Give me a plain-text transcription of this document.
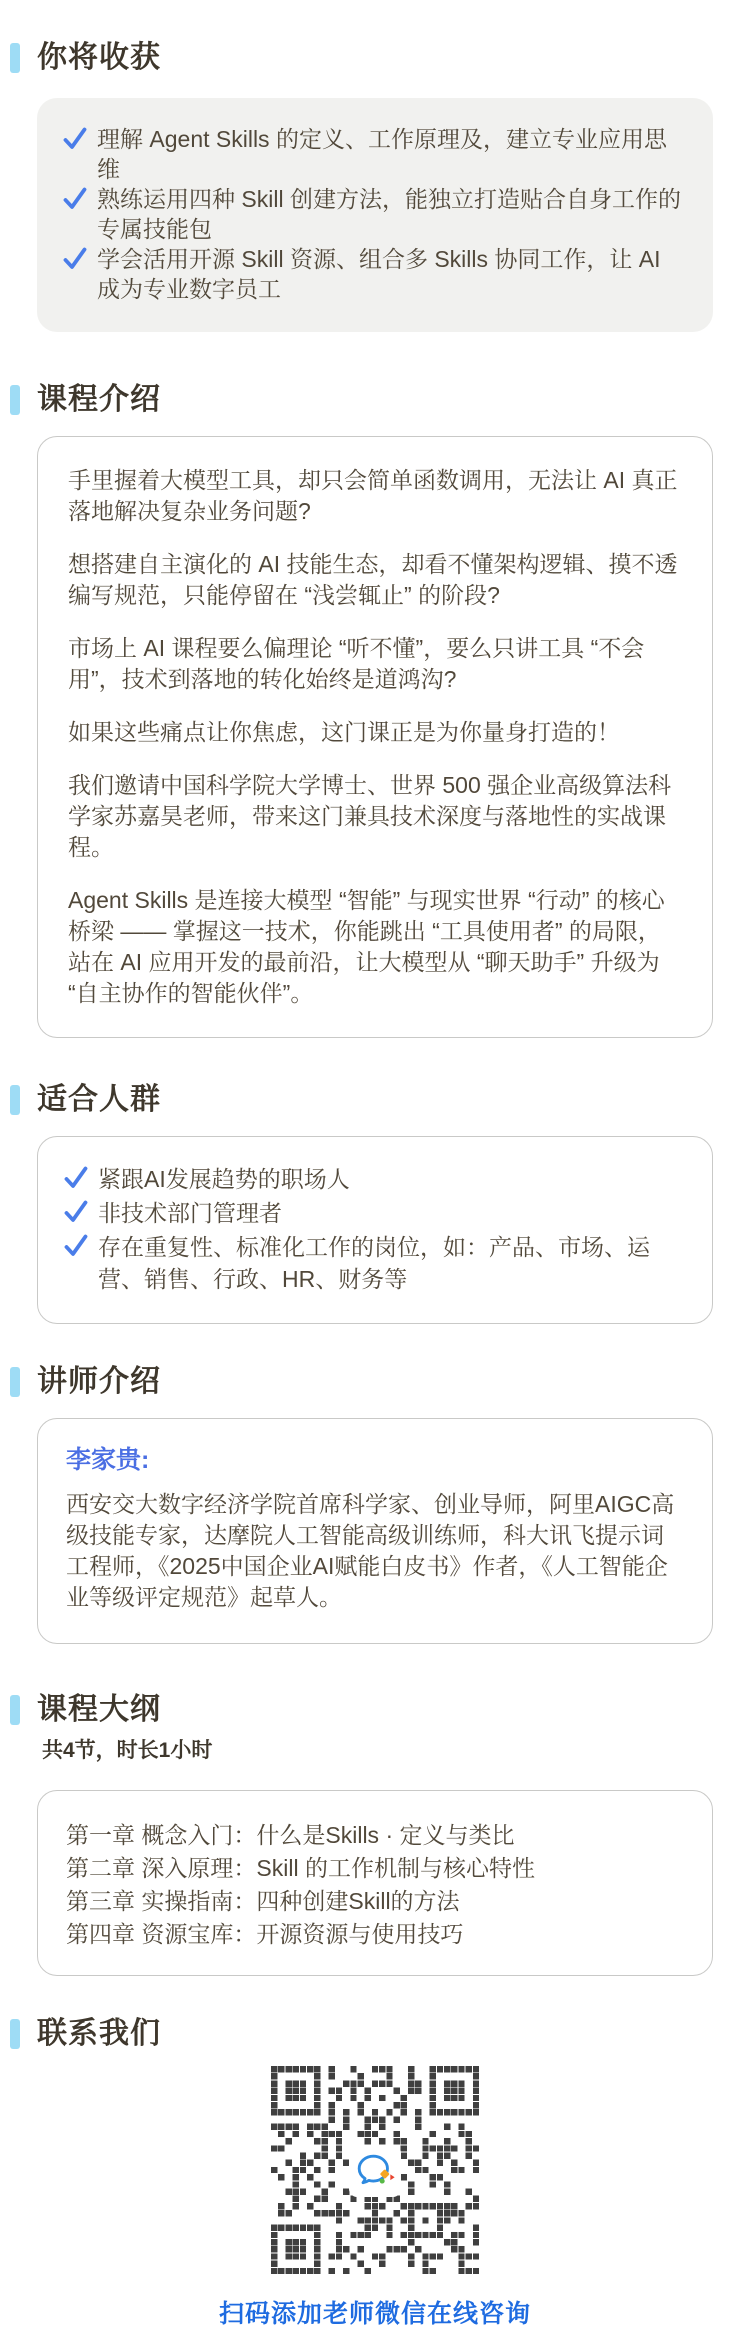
你将收获
理解 Agent Skills 的定义、工作原理及，建立专业应用思维
熟练运用四种 Skill 创建方法，能独立打造贴合自身工作的专属技能包
学会活用开源 Skill 资源、组合多 Skills 协同工作，让 AI 成为专业数字员工
课程介绍

手里握着大模型工具，却只会简单函数调用，无法让 AI 真正落地解决复杂业务问题?

想搭建自主演化的 AI 技能生态，却看不懂架构逻辑、摸不透编写规范，只能停留在 “浅尝辄止” 的阶段?

市场上 AI 课程要么偏理论 “听不懂”，要么只讲工具 “不会用”，技术到落地的转化始终是道鸿沟?

如果这些痛点让你焦虑，这门课正是为你量身打造的！

我们邀请中国科学院大学博士、世界 500 强企业高级算法科学家苏嘉昊老师，带来这门兼具技术深度与落地性的实战课程。

Agent Skills 是连接大模型 “智能” 与现实世界 “行动” 的核心桥梁 —— 掌握这一技术，你能跳出 “工具使用者” 的局限，站在 AI 应用开发的最前沿，让大模型从 “聊天助手” 升级为 “自主协作的智能伙伴”。

适合人群
紧跟AI发展趋势的职场人
非技术部门管理者
存在重复性、标准化工作的岗位，如：产品、市场、运营、销售、行政、HR、财务等
讲师介绍

李家贵:

西安交大数字经济学院首席科学家、创业导师，阿里AIGC高级技能专家，达摩院人工智能高级训练师，科大讯飞提示词工程师，《2025中国企业AI赋能白皮书》作者，《人工智能企业等级评定规范》起草人。

课程大纲
共4节，时长1小时
第一章 概念入门：什么是Skills · 定义与类比
第二章 深入原理：Skill 的工作机制与核心特性
第三章 实操指南：四种创建Skill的方法
第四章 资源宝库：开源资源与使用技巧
联系我们
扫码添加老师微信在线咨询
